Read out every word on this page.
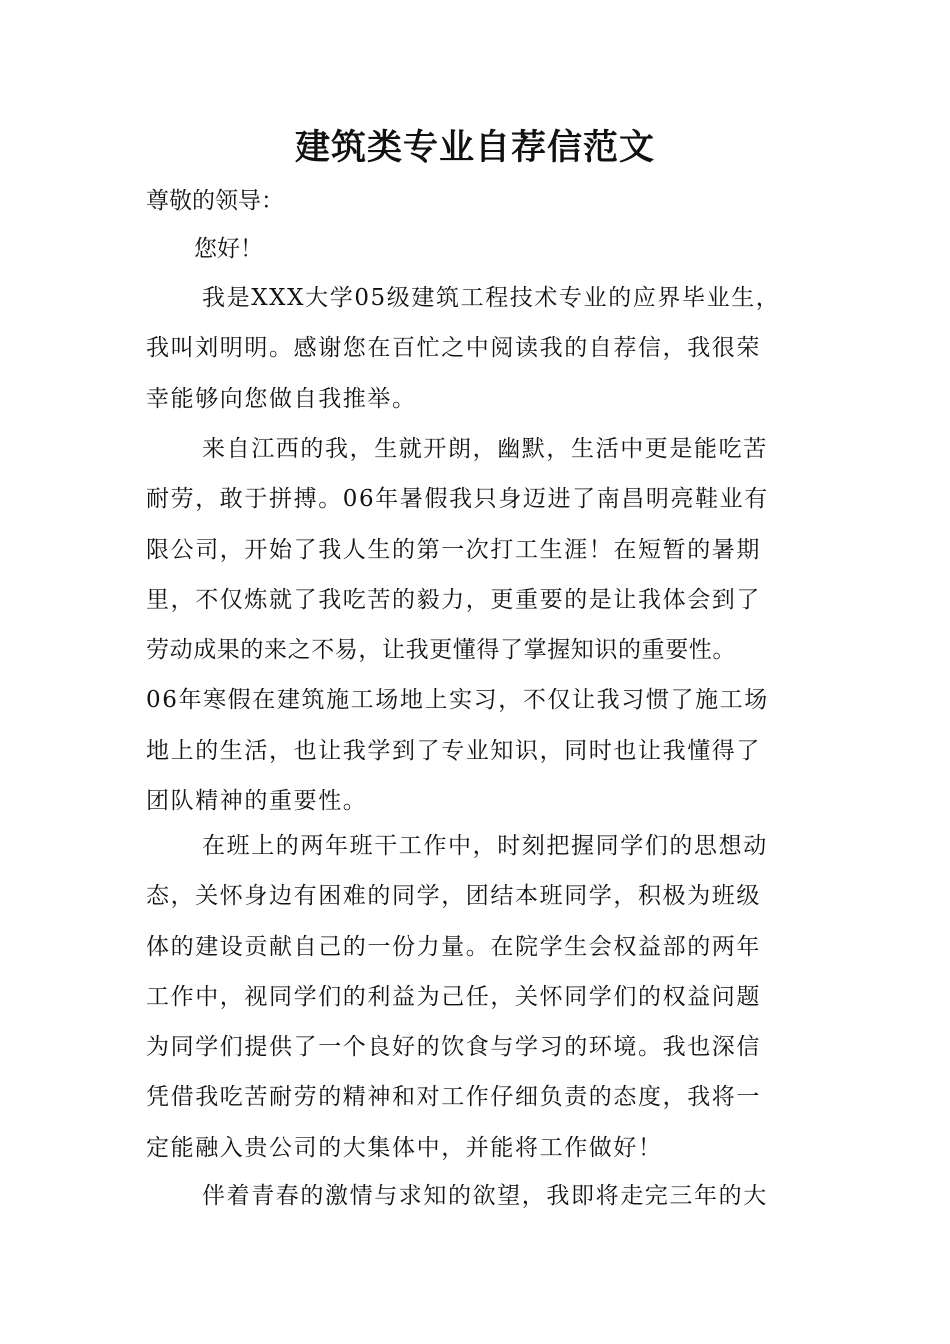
建筑类专业自荐信范文
尊敬的领导：
您好！
我是XXX大学05级建筑工程技术专业的应界毕业生，
我叫刘明明。感谢您在百忙之中阅读我的自荐信，我很荣
幸能够向您做自我推举。
来自江西的我，生就开朗，幽默，生活中更是能吃苦
耐劳，敢于拼搏。06年暑假我只身迈进了南昌明亮鞋业有
限公司，开始了我人生的第一次打工生涯！在短暂的暑期
里，不仅炼就了我吃苦的毅力，更重要的是让我体会到了
劳动成果的来之不易，让我更懂得了掌握知识的重要性。
06年寒假在建筑施工场地上实习，不仅让我习惯了施工场
地上的生活，也让我学到了专业知识，同时也让我懂得了
团队精神的重要性。
在班上的两年班干工作中，时刻把握同学们的思想动
态，关怀身边有困难的同学，团结本班同学，积极为班级
体的建设贡献自己的一份力量。在院学生会权益部的两年
工作中，视同学们的利益为己任，关怀同学们的权益问题
为同学们提供了一个良好的饮食与学习的环境。我也深信
凭借我吃苦耐劳的精神和对工作仔细负责的态度，我将一
定能融入贵公司的大集体中，并能将工作做好！
伴着青春的激情与求知的欲望，我即将走完三年的大
